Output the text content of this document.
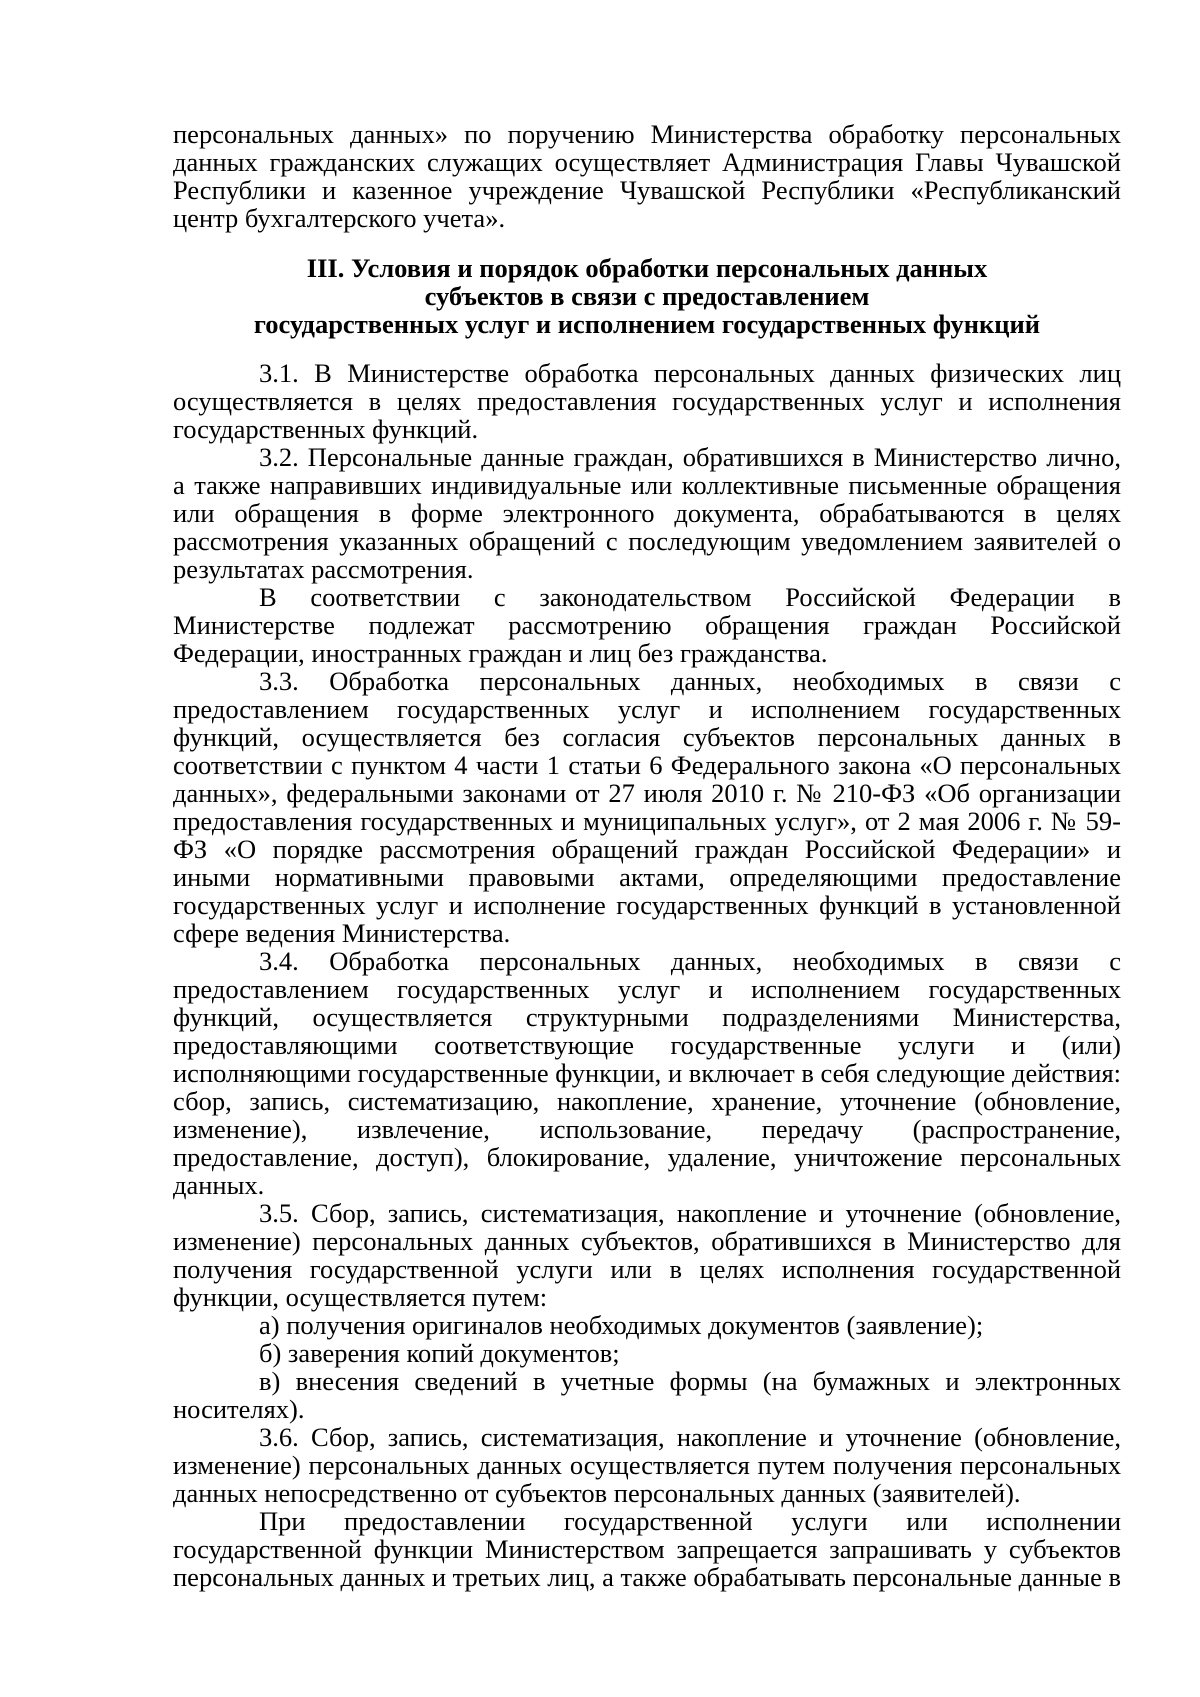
персональных данных» по поручению Министерства обработку персональных данных гражданских служащих осуществляет Администрация Главы Чувашской Республики и казенное учреждение Чувашской Республики «Республиканский центр бухгалтерского учета».

III. Условия и порядок обработки персональных данных
субъектов в связи с предоставлением
государственных услуг и исполнением государственных функций

3.1. В Министерстве обработка персональных данных физических лиц осуществляется в целях предоставления государственных услуг и исполнения государственных функций.

3.2. Персональные данные граждан, обратившихся в Министерство лично, а также направивших индивидуальные или коллективные письменные обращения или обращения в форме электронного документа, обрабатываются в целях рассмотрения указанных обращений с последующим уведомлением заявителей о результатах рассмотрения.

В соответствии с законодательством Российской Федерации в Министерстве подлежат рассмотрению обращения граждан Российской Федерации, иностранных граждан и лиц без гражданства.

3.3. Обработка персональных данных, необходимых в связи с предоставлением государственных услуг и исполнением государственных функций, осуществляется без согласия субъектов персональных данных в соответствии с пунктом 4 части 1 статьи 6 Федерального закона «О персональных данных», федеральными законами от 27 июля 2010 г. № 210-ФЗ «Об организации предоставления государственных и муниципальных услуг», от 2 мая 2006 г. № 59-ФЗ «О порядке рассмотрения обращений граждан Российской Федерации» и иными нормативными правовыми актами, определяющими предоставление государственных услуг и исполнение государственных функций в установленной сфере ведения Министерства.

3.4. Обработка персональных данных, необходимых в связи с предоставлением государственных услуг и исполнением государственных функций, осуществляется структурными подразделениями Министерства, предоставляющими соответствующие государственные услуги и (или) исполняющими государственные функции, и включает в себя следующие действия: сбор, запись, систематизацию, накопление, хранение, уточнение (обновление, изменение), извлечение, использование, передачу (распространение, предоставление, доступ), блокирование, удаление, уничтожение персональных данных.

3.5. Сбор, запись, систематизация, накопление и уточнение (обновление, изменение) персональных данных субъектов, обратившихся в Министерство для получения государственной услуги или в целях исполнения государственной функции, осуществляется путем:

а) получения оригиналов необходимых документов (заявление);

б) заверения копий документов;

в) внесения сведений в учетные формы (на бумажных и электронных носителях).

3.6. Сбор, запись, систематизация, накопление и уточнение (обновление, изменение) персональных данных осуществляется путем получения персональных данных непосредственно от субъектов персональных данных (заявителей).

При предоставлении государственной услуги или исполнении государственной функции Министерством запрещается запрашивать у субъектов персональных данных и третьих лиц, а также обрабатывать персональные данные в
